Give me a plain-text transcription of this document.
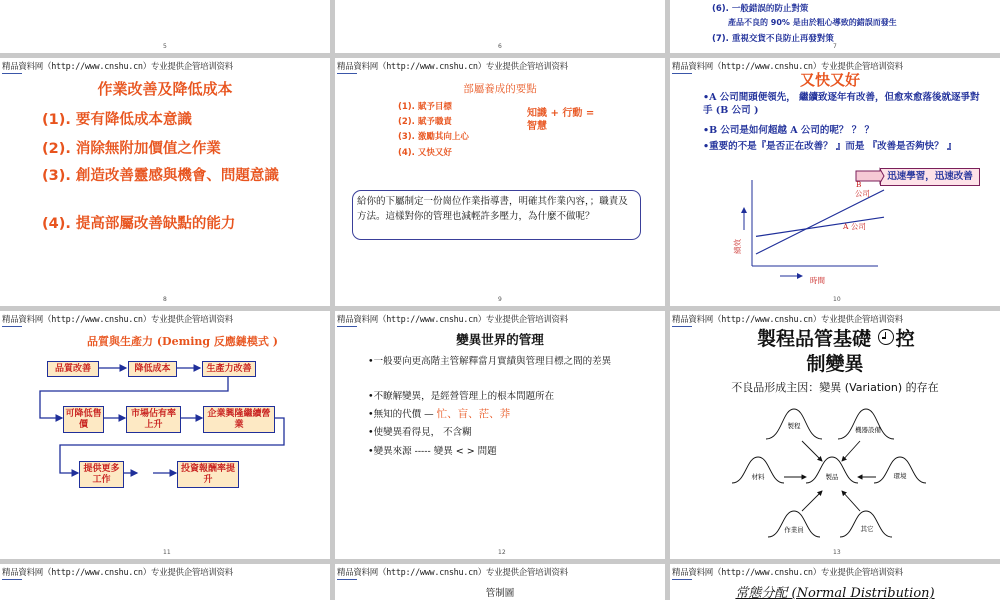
5	6
(6). 一般錯誤的防止對策
產品不良的 90% 是由於粗心導致的錯誤而發生
(7). 重視交貨不良防止再發對策
7
精品資料网（http://www.cnshu.cn）专业提供企管培训资料
作業改善及降低成本
(1). 要有降低成本意識
(2). 消除無附加價值之作業
(3). 創造改善靈感與機會、問題意識
(4). 提高部屬改善缺點的能力
8
精品資料网（http://www.cnshu.cn）专业提供企管培训资料
部屬養成的要點
(1). 賦予目標
(2). 賦予職責
(3). 激勵其向上心
(4). 又快又好
知識 + 行動 = 智慧
給你的下屬制定一份崗位作業指導書，明確其作業內容，；職責及方法。這樣對你的管理也減輕許多壓力，為什麼不做呢？
9
精品資料网（http://www.cnshu.cn）专业提供企管培训资料
又快又好
•A 公司間頭便領先， 繼續致逐年有改善，但愈來愈落後就逐爭對手 (B 公司 )
•B 公司是如何超越 A 公司的呢？ ？ ？
•重要的不是『是否正在改善？ 』而是 『改善是否夠快？ 』
迅速學習，迅速改善
B
公司
A 公司
時間
績效
10
精品資料网（http://www.cnshu.cn）专业提供企管培训资料
品質與生產力 (Deming 反應鏈模式 )
品質改善	降低成本	生產力改善
可降低售價
市場佔有率上升
企業興隆繼續營業
提供更多工作
投資報酬率提升
11
精品資料网（http://www.cnshu.cn）专业提供企管培训资料
變異世界的管理
•一般要向更高階主管解釋當月實績與管理目標之間的差異
•不瞭解變異，是經營管理上的根本問題所在
•無知的代價 — 忙、盲、茫、莽
•使變異看得見， 不含糊
•變異來源 ----- 變異 < > 問題
12
精品資料网（http://www.cnshu.cn）专业提供企管培训资料
製程品管基礎
控
制變異
不良品形成主因：變異 (Variation) 的存在
製程	機器設備
材料	製品	環境
作業員	其它
13
精品資料网（http://www.cnshu.cn）专业提供企管培训资料	精品資料网（http://www.cnshu.cn）专业提供企管培训资料
管制圖
精品資料网（http://www.cnshu.cn）专业提供企管培训资料
常態分配 (Normal Distribution)
